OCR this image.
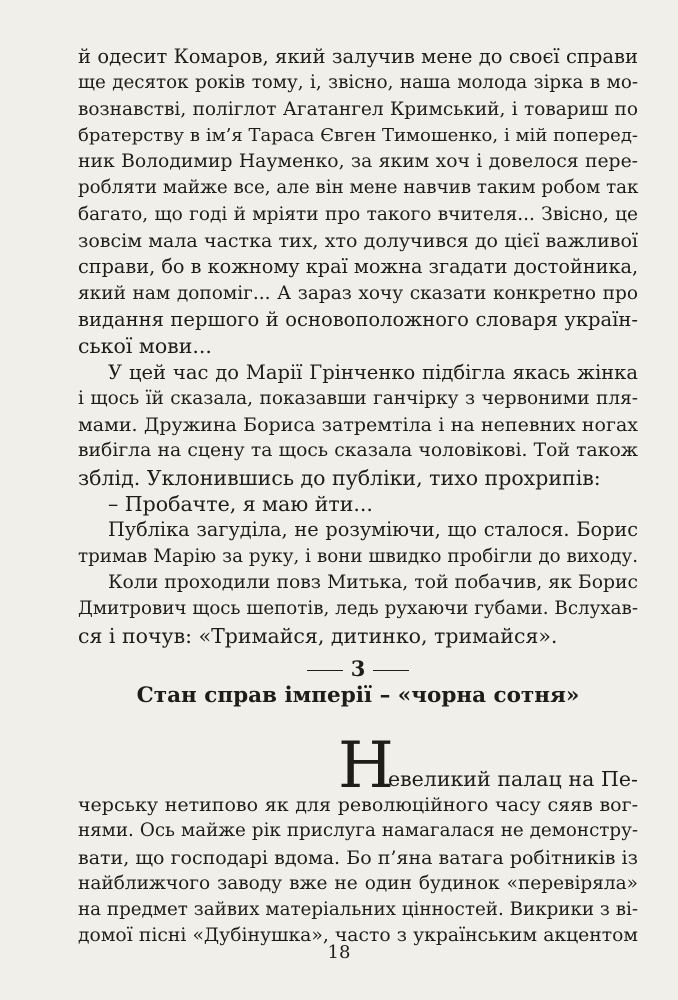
й одесит Комаров, який залучив мене до своєї справи
ще десяток років тому, і, звісно, наша молода зірка в мо-
вознавстві, поліглот Агатангел Кримський, і товариш по
братерству в ім’я Тараса Євген Тимошенко, і мій поперед-
ник Володимир Науменко, за яким хоч і довелося пере-
робляти майже все, але він мене навчив таким робом так
багато, що годі й мріяти про такого вчителя... Звісно, це
зовсім мала частка тих, хто долучився до цієї важливої
справи, бо в кожному краї можна згадати достойника,
який нам допоміг... А зараз хочу сказати конкретно про
видання першого й основоположного словаря україн-
ської мови...
У цей час до Марії Грінченко підбігла якась жінка
і щось їй сказала, показавши ганчірку з червоними пля-
мами. Дружина Бориса затремтіла і на непевних ногах
вибігла на сцену та щось сказала чоловікові. Той також
зблід. Уклонившись до публіки, тихо прохрипів:
– Пробачте, я маю йти...
Публіка загуділа, не розуміючи, що сталося. Борис
тримав Марію за руку, і вони швидко пробігли до виходу.
Коли проходили повз Митька, той побачив, як Борис
Дмитрович щось шепотів, ледь рухаючи губами. Вслухав-
ся і почув: «Тримайся, дитинко, тримайся».
3
Стан справ імперії – «чорна сотня»
Н
евеликий палац на Пе-
черську нетипово як для революційного часу сяяв вог-
нями. Ось майже рік прислуга намагалася не демонстру-
вати, що господарі вдома. Бо п’яна ватага робітників із
найближчого заводу вже не один будинок «перевіряла»
на предмет зайвих матеріальних цінностей. Викрики з ві-
домої пісні «Дубінушка», часто з українським акцентом
18
